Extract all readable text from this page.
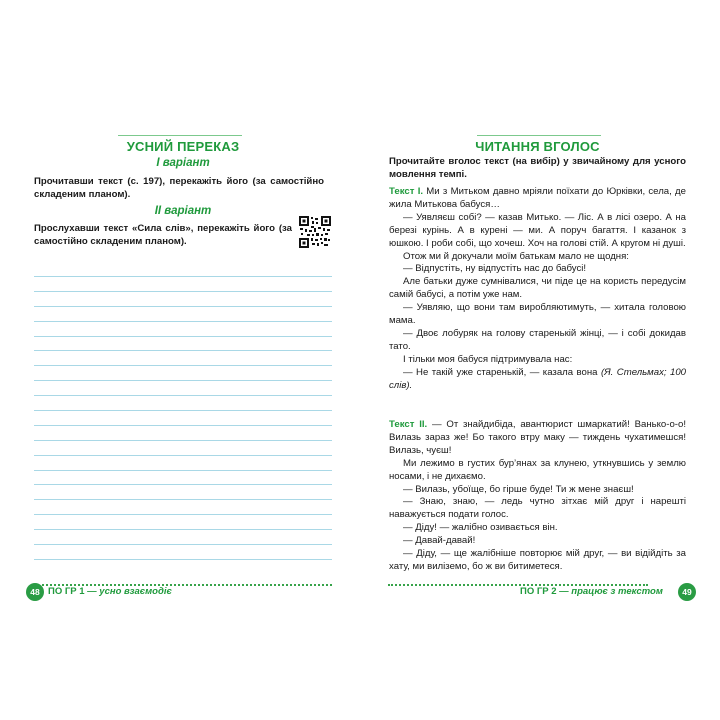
УСНИЙ ПЕРЕКАЗ
І варіант
Прочитавши текст (с. 197), перекажіть його (за самостійно складеним планом).
ІІ варіант
Прослухавши текст «Сила слів», перекажіть його (за самостійно складеним планом).
48 ПО ГР 1 — усно взаємодіє
ЧИТАННЯ ВГОЛОС
Прочитайте вголос текст (на вибір) у звичайному для усного мовлення темпі.

Текст І. Ми з Митьком давно мріяли поїхати до Юрківки, села, де жила Митькова бабуся…

— Уявляєш собі? — казав Митько. — Ліс. А в лісі озеро. А на березі курінь. А в курені — ми. А поруч багаття. І казанок з юшкою. І роби собі, що хочеш. Хоч на голові стій. А кругом ні душі.

Отож ми й докучали моїм батькам мало не щодня:

— Відпустіть, ну відпустіть нас до бабусі!

Але батьки дуже сумнівалися, чи піде це на користь передусім самій бабусі, а потім уже нам.

— Уявляю, що вони там виробляютимуть, — хитала головою мама.

— Двоє лобуряк на голову старенькій жінці, — і собі докидав тато.

І тільки моя бабуся підтримувала нас:

— Не такій уже старенькій, — казала вона (Я. Стельмах; 100 слів).

Текст ІІ. — От знайдибіда, авантюрист шмаркатий! Ванько-о-о! Вилазь зараз же! Бо такого втру маку — тиждень чухатимешся! Вилазь, чуєш!

Ми лежимо в густих бур’янах за клунею, уткнувшись у землю носами, і не дихаємо.

— Вилазь, убоїще, бо гірше буде! Ти ж мене знаєш!

— Знаю, знаю, — ледь чутно зітхає мій друг і нарешті наважується подати голос.

— Діду! — жалібно озивається він.

— Давай-давай!

— Діду, — ще жалібніше повторює мій друг, — ви відійдіть за хату, ми виліземо, бо ж ви битиметеся.

ПО ГР 2 — працює з текстом	49
